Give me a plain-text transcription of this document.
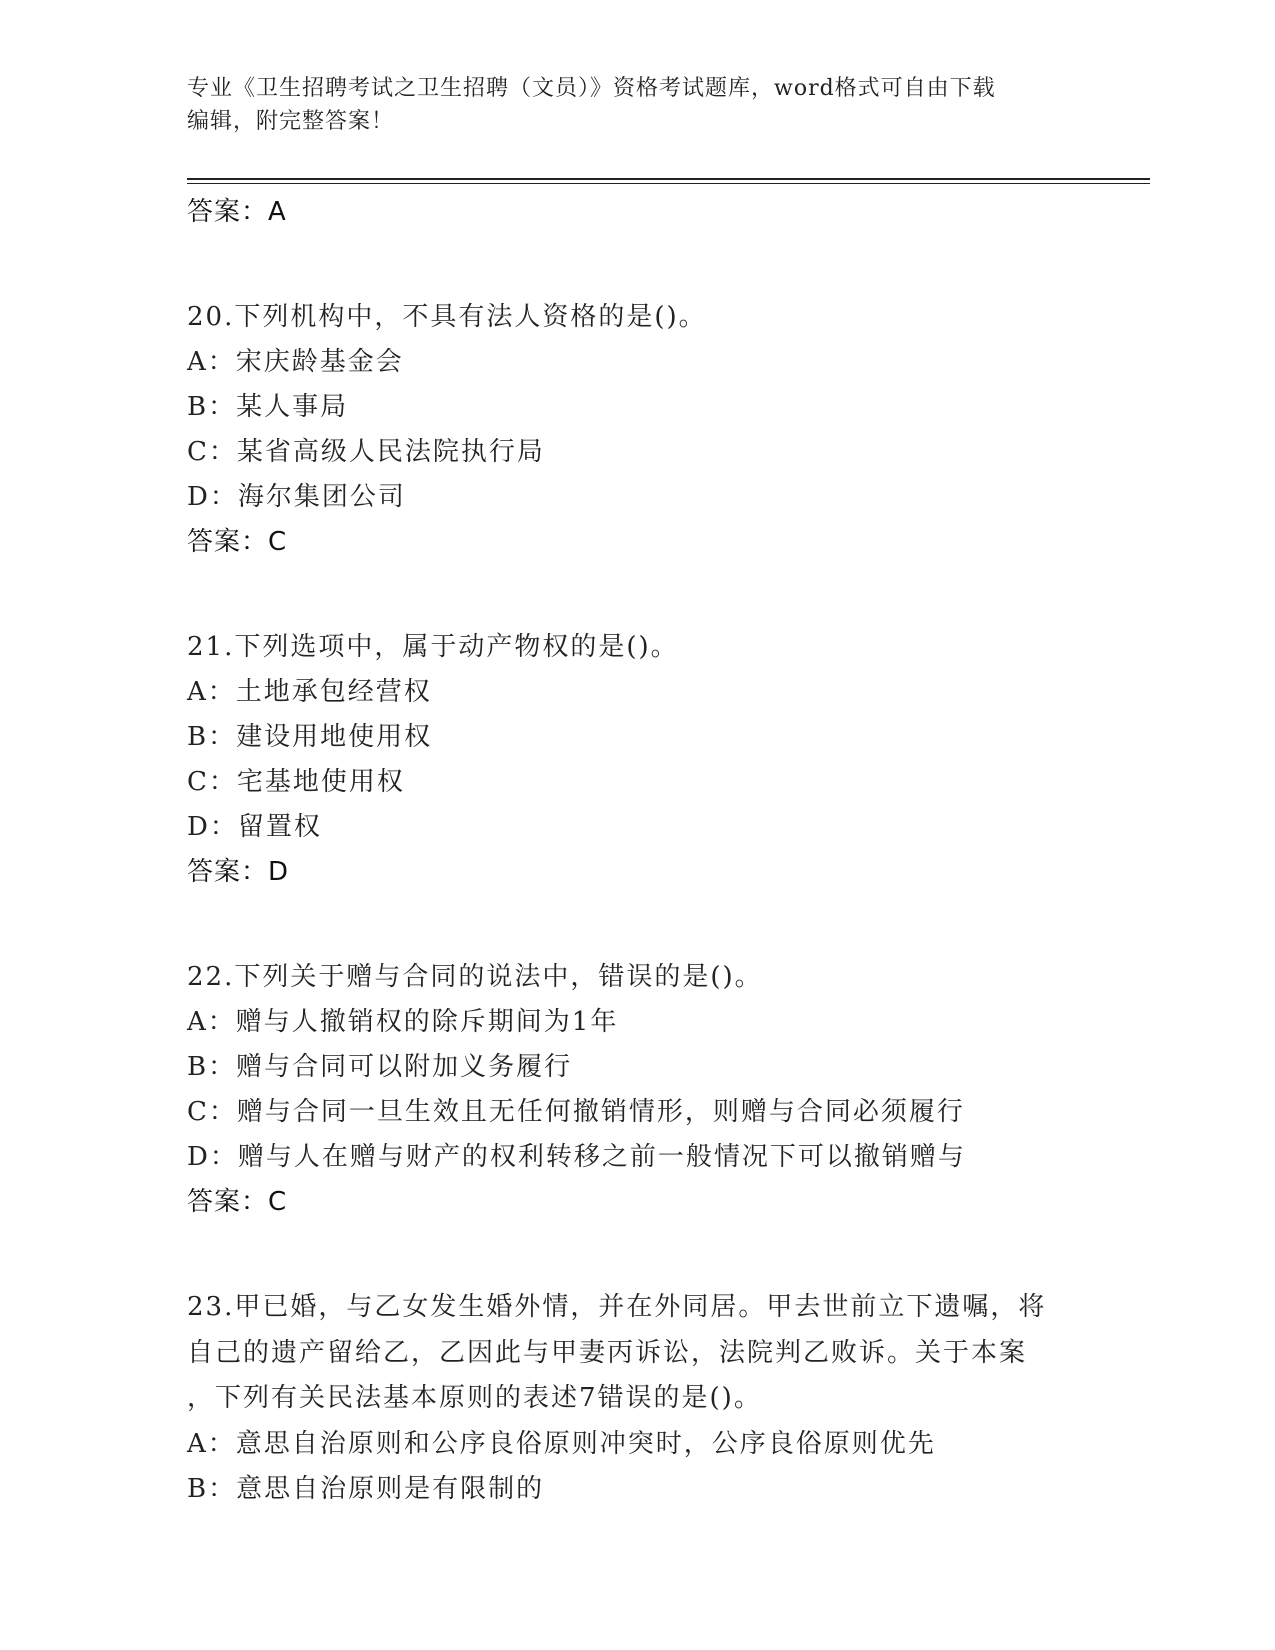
专业《卫生招聘考试之卫生招聘（文员）》资格考试题库，word格式可自由下载
编辑，附完整答案！
答案：A
20.下列机构中，不具有法人资格的是()。
A：宋庆龄基金会
B：某人事局
C：某省高级人民法院执行局
D：海尔集团公司
答案：C
21.下列选项中，属于动产物权的是()。
A：土地承包经营权
B：建设用地使用权
C：宅基地使用权
D：留置权
答案：D
22.下列关于赠与合同的说法中，错误的是()。
A：赠与人撤销权的除斥期间为1年
B：赠与合同可以附加义务履行
C：赠与合同一旦生效且无任何撤销情形，则赠与合同必须履行
D：赠与人在赠与财产的权利转移之前一般情况下可以撤销赠与
答案：C
23.甲已婚，与乙女发生婚外情，并在外同居。甲去世前立下遗嘱，将
自己的遗产留给乙，乙因此与甲妻丙诉讼，法院判乙败诉。关于本案
，下列有关民法基本原则的表述7错误的是()。
A：意思自治原则和公序良俗原则冲突时，公序良俗原则优先
B：意思自治原则是有限制的
